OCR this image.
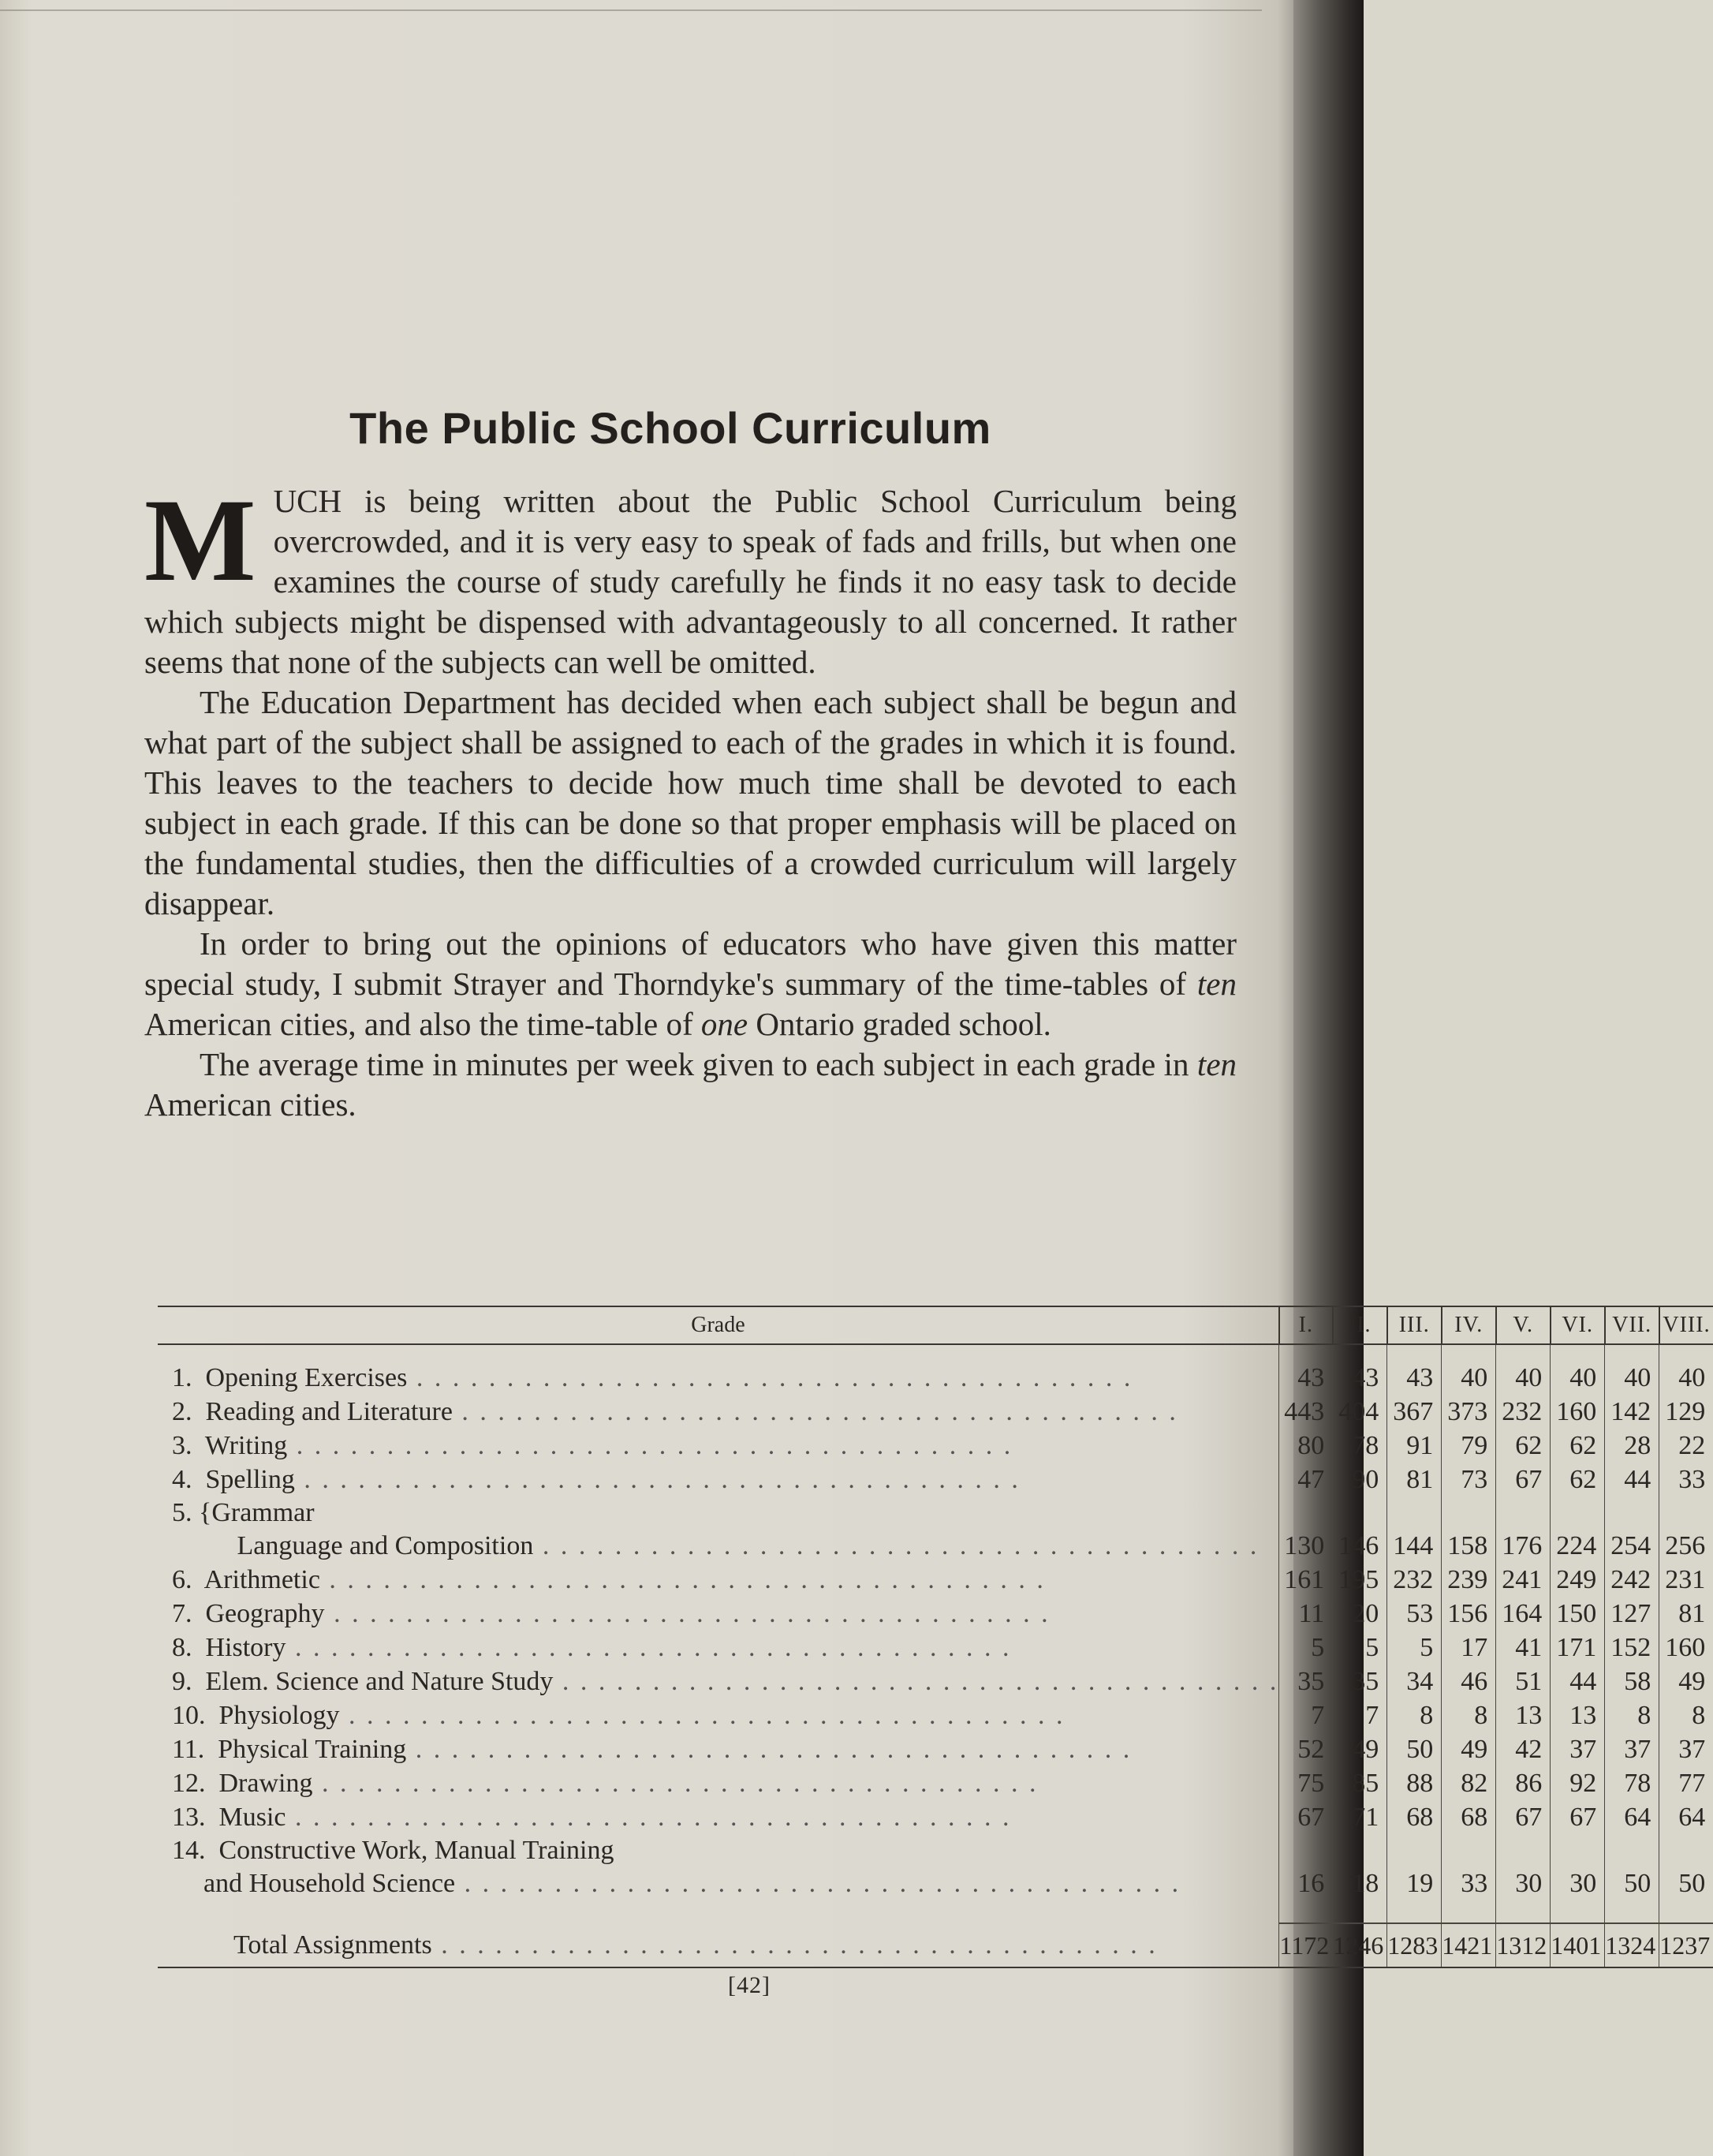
The Public School Curriculum

MUCH is being written about the Public School Curriculum being overcrowded, and it is very easy to speak of fads and frills, but when one examines the course of study carefully he finds it no easy task to decide which subjects might be dispensed with advantageously to all concerned. It rather seems that none of the subjects can well be omitted.

The Education Department has decided when each subject shall be begun and what part of the subject shall be assigned to each of the grades in which it is found. This leaves to the teachers to decide how much time shall be devoted to each subject in each grade. If this can be done so that proper emphasis will be placed on the fundamental studies, then the difficulties of a crowded curriculum will largely disappear.

In order to bring out the opinions of educators who have given this matter special study, I submit Strayer and Thorndyke's summary of the time-tables of ten American cities, and also the time-table of one Ontario graded school.

The average time in minutes per week given to each subject in each grade in ten American cities.

Grade	I.	II.	III.	IV.	V.	VI.	VII.	VIII.

1.  Opening Exercises . . . . . . . . . . . . . . . . . . . . . . . . . . . . . . . . . . . . . . . .	43	43	43	40	40	40	40	40

2.  Reading and Literature . . . . . . . . . . . . . . . . . . . . . . . . . . . . . . . . . . . . . . . .	443	404	367	373	232	160	142	129

3.  Writing . . . . . . . . . . . . . . . . . . . . . . . . . . . . . . . . . . . . . . . .	80	78	91	79	62	62	28	22

4.  Spelling . . . . . . . . . . . . . . . . . . . . . . . . . . . . . . . . . . . . . . . .	47	90	81	73	67	62	44	33

5. {Grammar
Language and Composition . . . . . . . . . . . . . . . . . . . . . . . . . . . . . . . . . . . . . . . .	130	146	144	158	176	224	254	256

6.  Arithmetic . . . . . . . . . . . . . . . . . . . . . . . . . . . . . . . . . . . . . . . .	161	195	232	239	241	249	242	231

7.  Geography . . . . . . . . . . . . . . . . . . . . . . . . . . . . . . . . . . . . . . . .	11	20	53	156	164	150	127	81

8.  History . . . . . . . . . . . . . . . . . . . . . . . . . . . . . . . . . . . . . . . .	5	5	5	17	41	171	152	160

9.  Elem. Science and Nature Study . . . . . . . . . . . . . . . . . . . . . . . . . . . . . . . . . . . . . . . .	35	35	34	46	51	44	58	49

10.  Physiology . . . . . . . . . . . . . . . . . . . . . . . . . . . . . . . . . . . . . . . .	7	7	8	8	13	13	8	8

11.  Physical Training . . . . . . . . . . . . . . . . . . . . . . . . . . . . . . . . . . . . . . . .	52	49	50	49	42	37	37	37

12.  Drawing . . . . . . . . . . . . . . . . . . . . . . . . . . . . . . . . . . . . . . . .	75	85	88	82	86	92	78	77

13.  Music . . . . . . . . . . . . . . . . . . . . . . . . . . . . . . . . . . . . . . . .	67	71	68	68	67	67	64	64

14.  Constructive Work, Manual Training
and Household Science . . . . . . . . . . . . . . . . . . . . . . . . . . . . . . . . . . . . . . . .	16	18	19	33	30	30	50	50

Total Assignments . . . . . . . . . . . . . . . . . . . . . . . . . . . . . . . . . . . . . . . .	1172	1246	1283	1421	1312	1401	1324	1237
[42]
